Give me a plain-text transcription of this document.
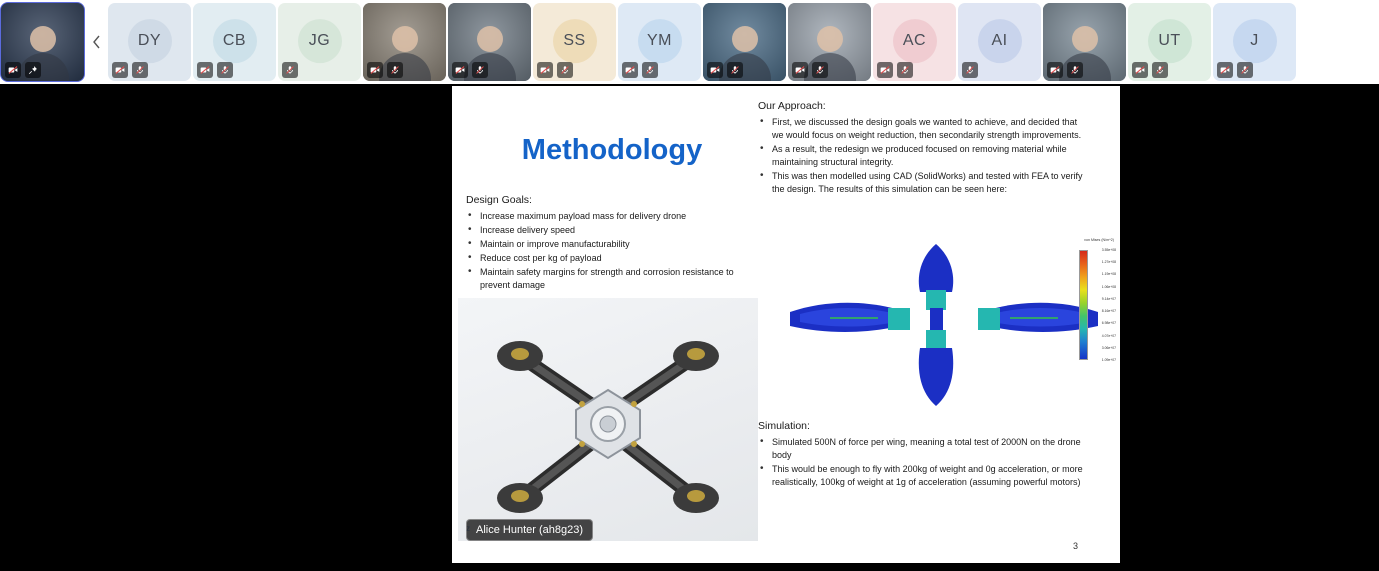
DY	CB	JG	SS	YM	AC	AI	UT	J
Methodology
Design Goals:
• Increase maximum payload mass for delivery drone
• Increase delivery speed
• Maintain or improve manufacturability
• Reduce cost per kg of payload
• Maintain safety margins for strength and corrosion resistance to prevent damage
Our Approach:
• First, we discussed the design goals we wanted to achieve, and decided that we would focus on weight reduction, then secondarily strength improvements.
• As a result, the redesign we produced focused on removing material while maintaining structural integrity.
• This was then modelled using CAD (SolidWorks) and tested with FEA to verify the design. The results of this simulation can be seen here:
von Mises (N/m^2)
3.55e+08
1.27e+08
1.19e+08
1.06e+08
9.14e+07
8.16e+07
6.98e+07
4.07e+07
3.06e+07
1.09e+07
Simulation:
• Simulated 500N of force per wing, meaning a total test of 2000N on the drone body
• This would be enough to fly with 200kg of weight and 0g acceleration, or more realistically, 100kg of weight at 1g of acceleration (assuming powerful motors)
3
Alice Hunter (ah8g23)
